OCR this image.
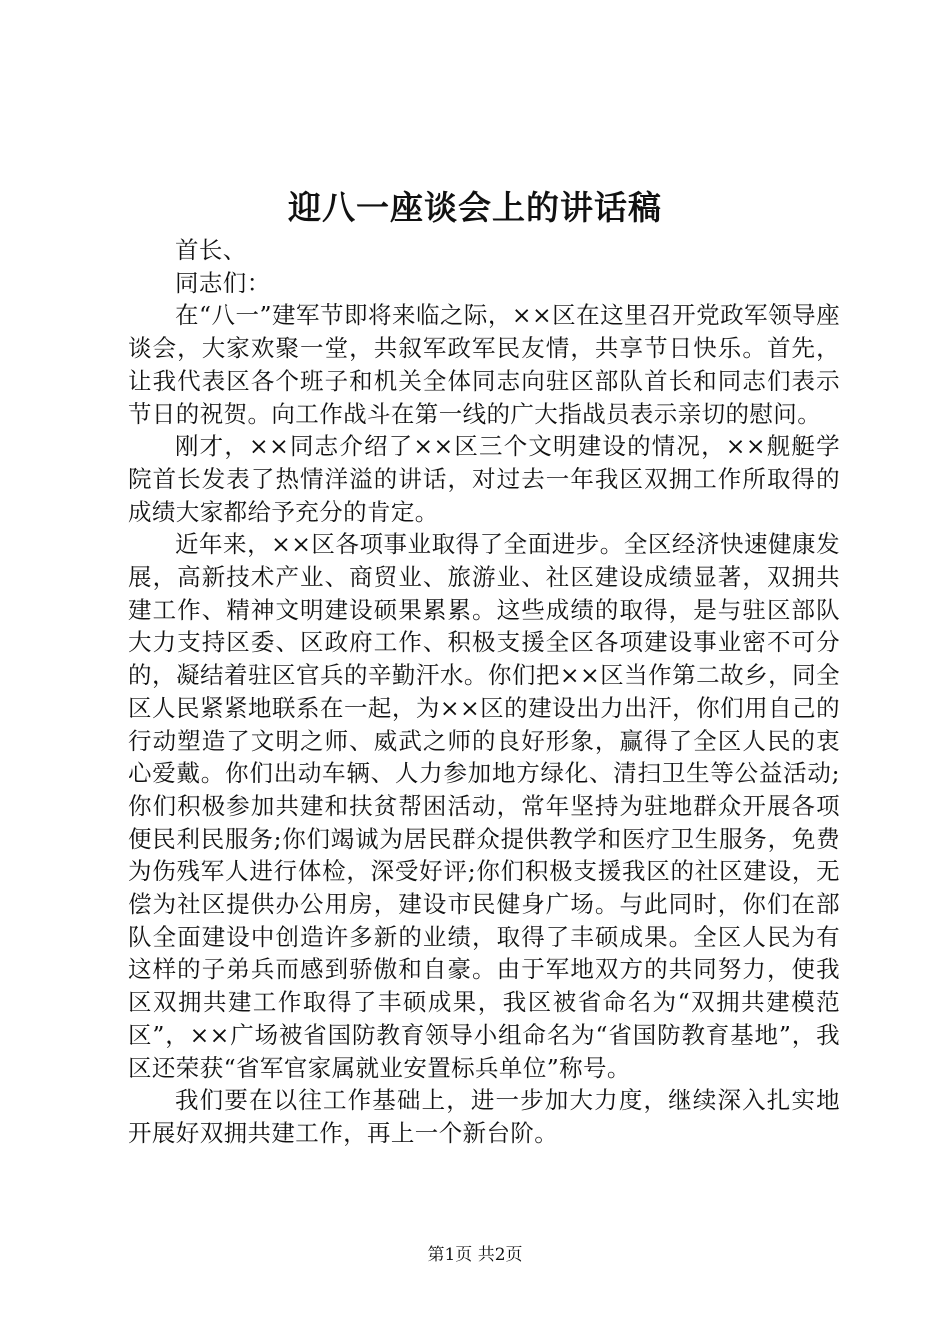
迎八一座谈会上的讲话稿

首长、

同志们：

在“八一”建军节即将来临之际，××区在这里召开党政军领导座谈会，大家欢聚一堂，共叙军政军民友情，共享节日快乐。首先，让我代表区各个班子和机关全体同志向驻区部队首长和同志们表示节日的祝贺。向工作战斗在第一线的广大指战员表示亲切的慰问。

刚才，××同志介绍了××区三个文明建设的情况，××舰艇学院首长发表了热情洋溢的讲话，对过去一年我区双拥工作所取得的成绩大家都给予充分的肯定。

近年来，××区各项事业取得了全面进步。全区经济快速健康发展，高新技术产业、商贸业、旅游业、社区建设成绩显著，双拥共建工作、精神文明建设硕果累累。这些成绩的取得，是与驻区部队大力支持区委、区政府工作、积极支援全区各项建设事业密不可分的，凝结着驻区官兵的辛勤汗水。你们把××区当作第二故乡，同全区人民紧紧地联系在一起，为××区的建设出力出汗，你们用自己的行动塑造了文明之师、威武之师的良好形象，赢得了全区人民的衷心爱戴。你们出动车辆、人力参加地方绿化、清扫卫生等公益活动;你们积极参加共建和扶贫帮困活动，常年坚持为驻地群众开展各项便民利民服务;你们竭诚为居民群众提供教学和医疗卫生服务，免费为伤残军人进行体检，深受好评;你们积极支援我区的社区建设，无偿为社区提供办公用房，建设市民健身广场。与此同时，你们在部队全面建设中创造许多新的业绩，取得了丰硕成果。全区人民为有这样的子弟兵而感到骄傲和自豪。由于军地双方的共同努力，使我区双拥共建工作取得了丰硕成果，我区被省命名为“双拥共建模范区”，××广场被省国防教育领导小组命名为“省国防教育基地”，我区还荣获“省军官家属就业安置标兵单位”称号。

我们要在以往工作基础上，进一步加大力度，继续深入扎实地开展好双拥共建工作，再上一个新台阶。

第1页 共2页
